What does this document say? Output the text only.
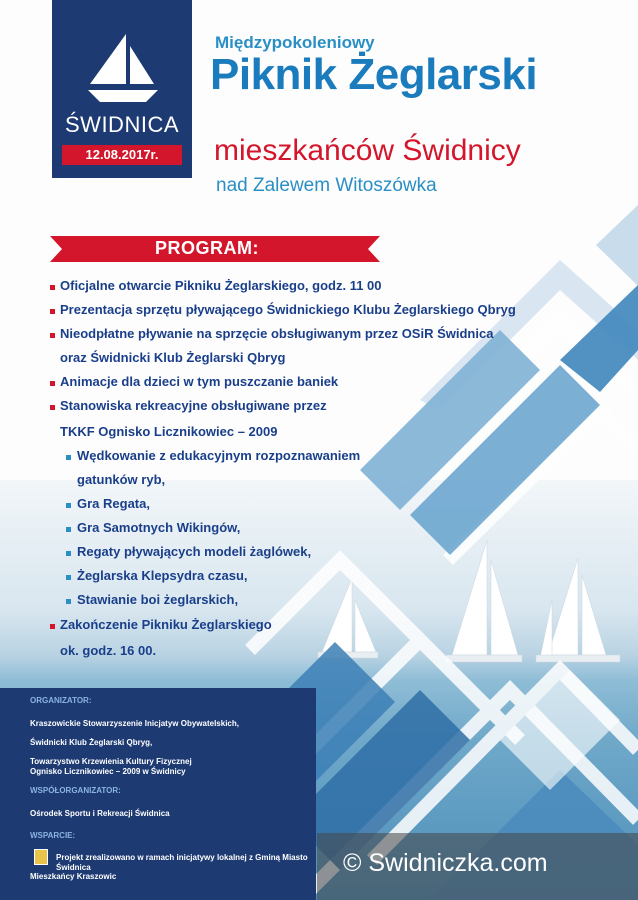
ŚWIDNICA
12.08.2017r.
Międzypokoleniowy
Piknik Żeglarski
mieszkańców Świdnicy
nad Zalewem Witoszówka
PROGRAM:
Oficjalne otwarcie Pikniku Żeglarskiego, godz. 11 00
Prezentacja sprzętu pływającego Świdnickiego Klubu Żeglarskiego Qbryg
Nieodpłatne pływanie na sprzęcie obsługiwanym przez OSiR Świdnica
oraz Świdnicki Klub Żeglarski Qbryg
Animacje dla dzieci w tym puszczanie baniek
Stanowiska rekreacyjne obsługiwane przez
TKKF Ognisko Licznikowiec – 2009
Wędkowanie z edukacyjnym rozpoznawaniem
gatunków ryb,
Gra Regata,
Gra Samotnych Wikingów,
Regaty pływających modeli żaglówek,
Żeglarska Klepsydra czasu,
Stawianie boi żeglarskich,
Zakończenie Pikniku Żeglarskiego
ok. godz. 16 00.
ORGANIZATOR:
Kraszowickie Stowarzyszenie Inicjatyw Obywatelskich,
Świdnicki Klub Żeglarski Qbryg,
Towarzystwo Krzewienia Kultury Fizycznej
Ognisko Licznikowiec – 2009 w Świdnicy
WSPÓŁORGANIZATOR:
Ośrodek Sportu i Rekreacji Świdnica
WSPARCIE:
Projekt zrealizowano w ramach inicjatywy lokalnej z Gminą Miasto Świdnica
Mieszkańcy Kraszowic	© Swidniczka.com
